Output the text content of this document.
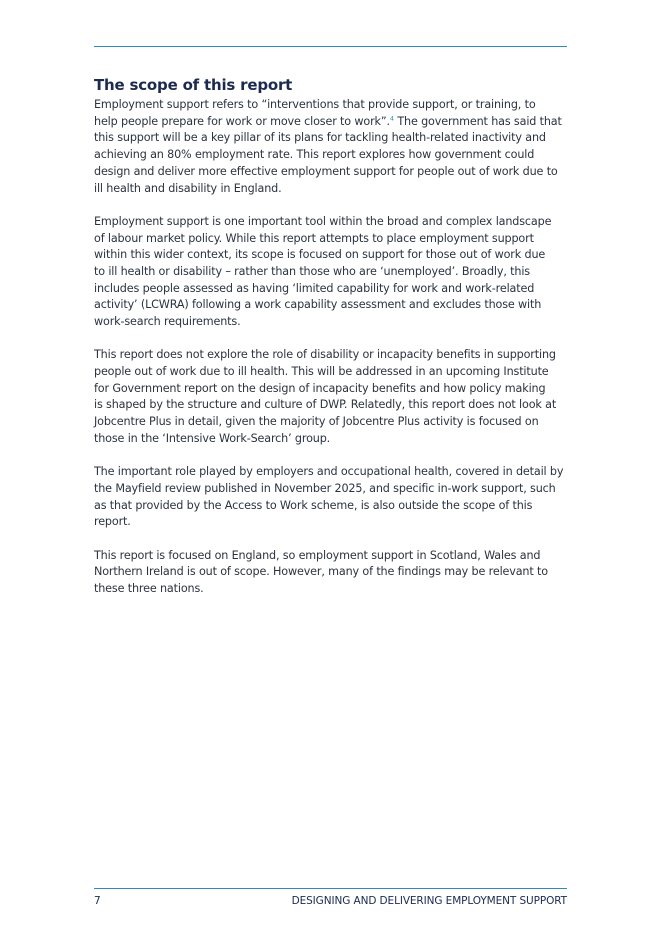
The scope of this report

Employment support refers to “interventions that provide support, or training, to
help people prepare for work or move closer to work”.$^4$ The government has said that
this support will be a key pillar of its plans for tackling health-related inactivity and
achieving an 80% employment rate. This report explores how government could
design and deliver more effective employment support for people out of work due to
ill health and disability in England.

Employment support is one important tool within the broad and complex landscape
of labour market policy. While this report attempts to place employment support
within this wider context, its scope is focused on support for those out of work due
to ill health or disability – rather than those who are ‘unemployed’. Broadly, this
includes people assessed as having ‘limited capability for work and work-related
activity’ (LCWRA) following a work capability assessment and excludes those with
work-search requirements.

This report does not explore the role of disability or incapacity benefits in supporting
people out of work due to ill health. This will be addressed in an upcoming Institute
for Government report on the design of incapacity benefits and how policy making
is shaped by the structure and culture of DWP. Relatedly, this report does not look at
Jobcentre Plus in detail, given the majority of Jobcentre Plus activity is focused on
those in the ‘Intensive Work-Search’ group.

The important role played by employers and occupational health, covered in detail by
the Mayfield review published in November 2025, and specific in-work support, such
as that provided by the Access to Work scheme, is also outside the scope of this report.

This report is focused on England, so employment support in Scotland, Wales and
Northern Ireland is out of scope. However, many of the findings may be relevant to
these three nations.

7	DESIGNING AND DELIVERING EMPLOYMENT SUPPORT
